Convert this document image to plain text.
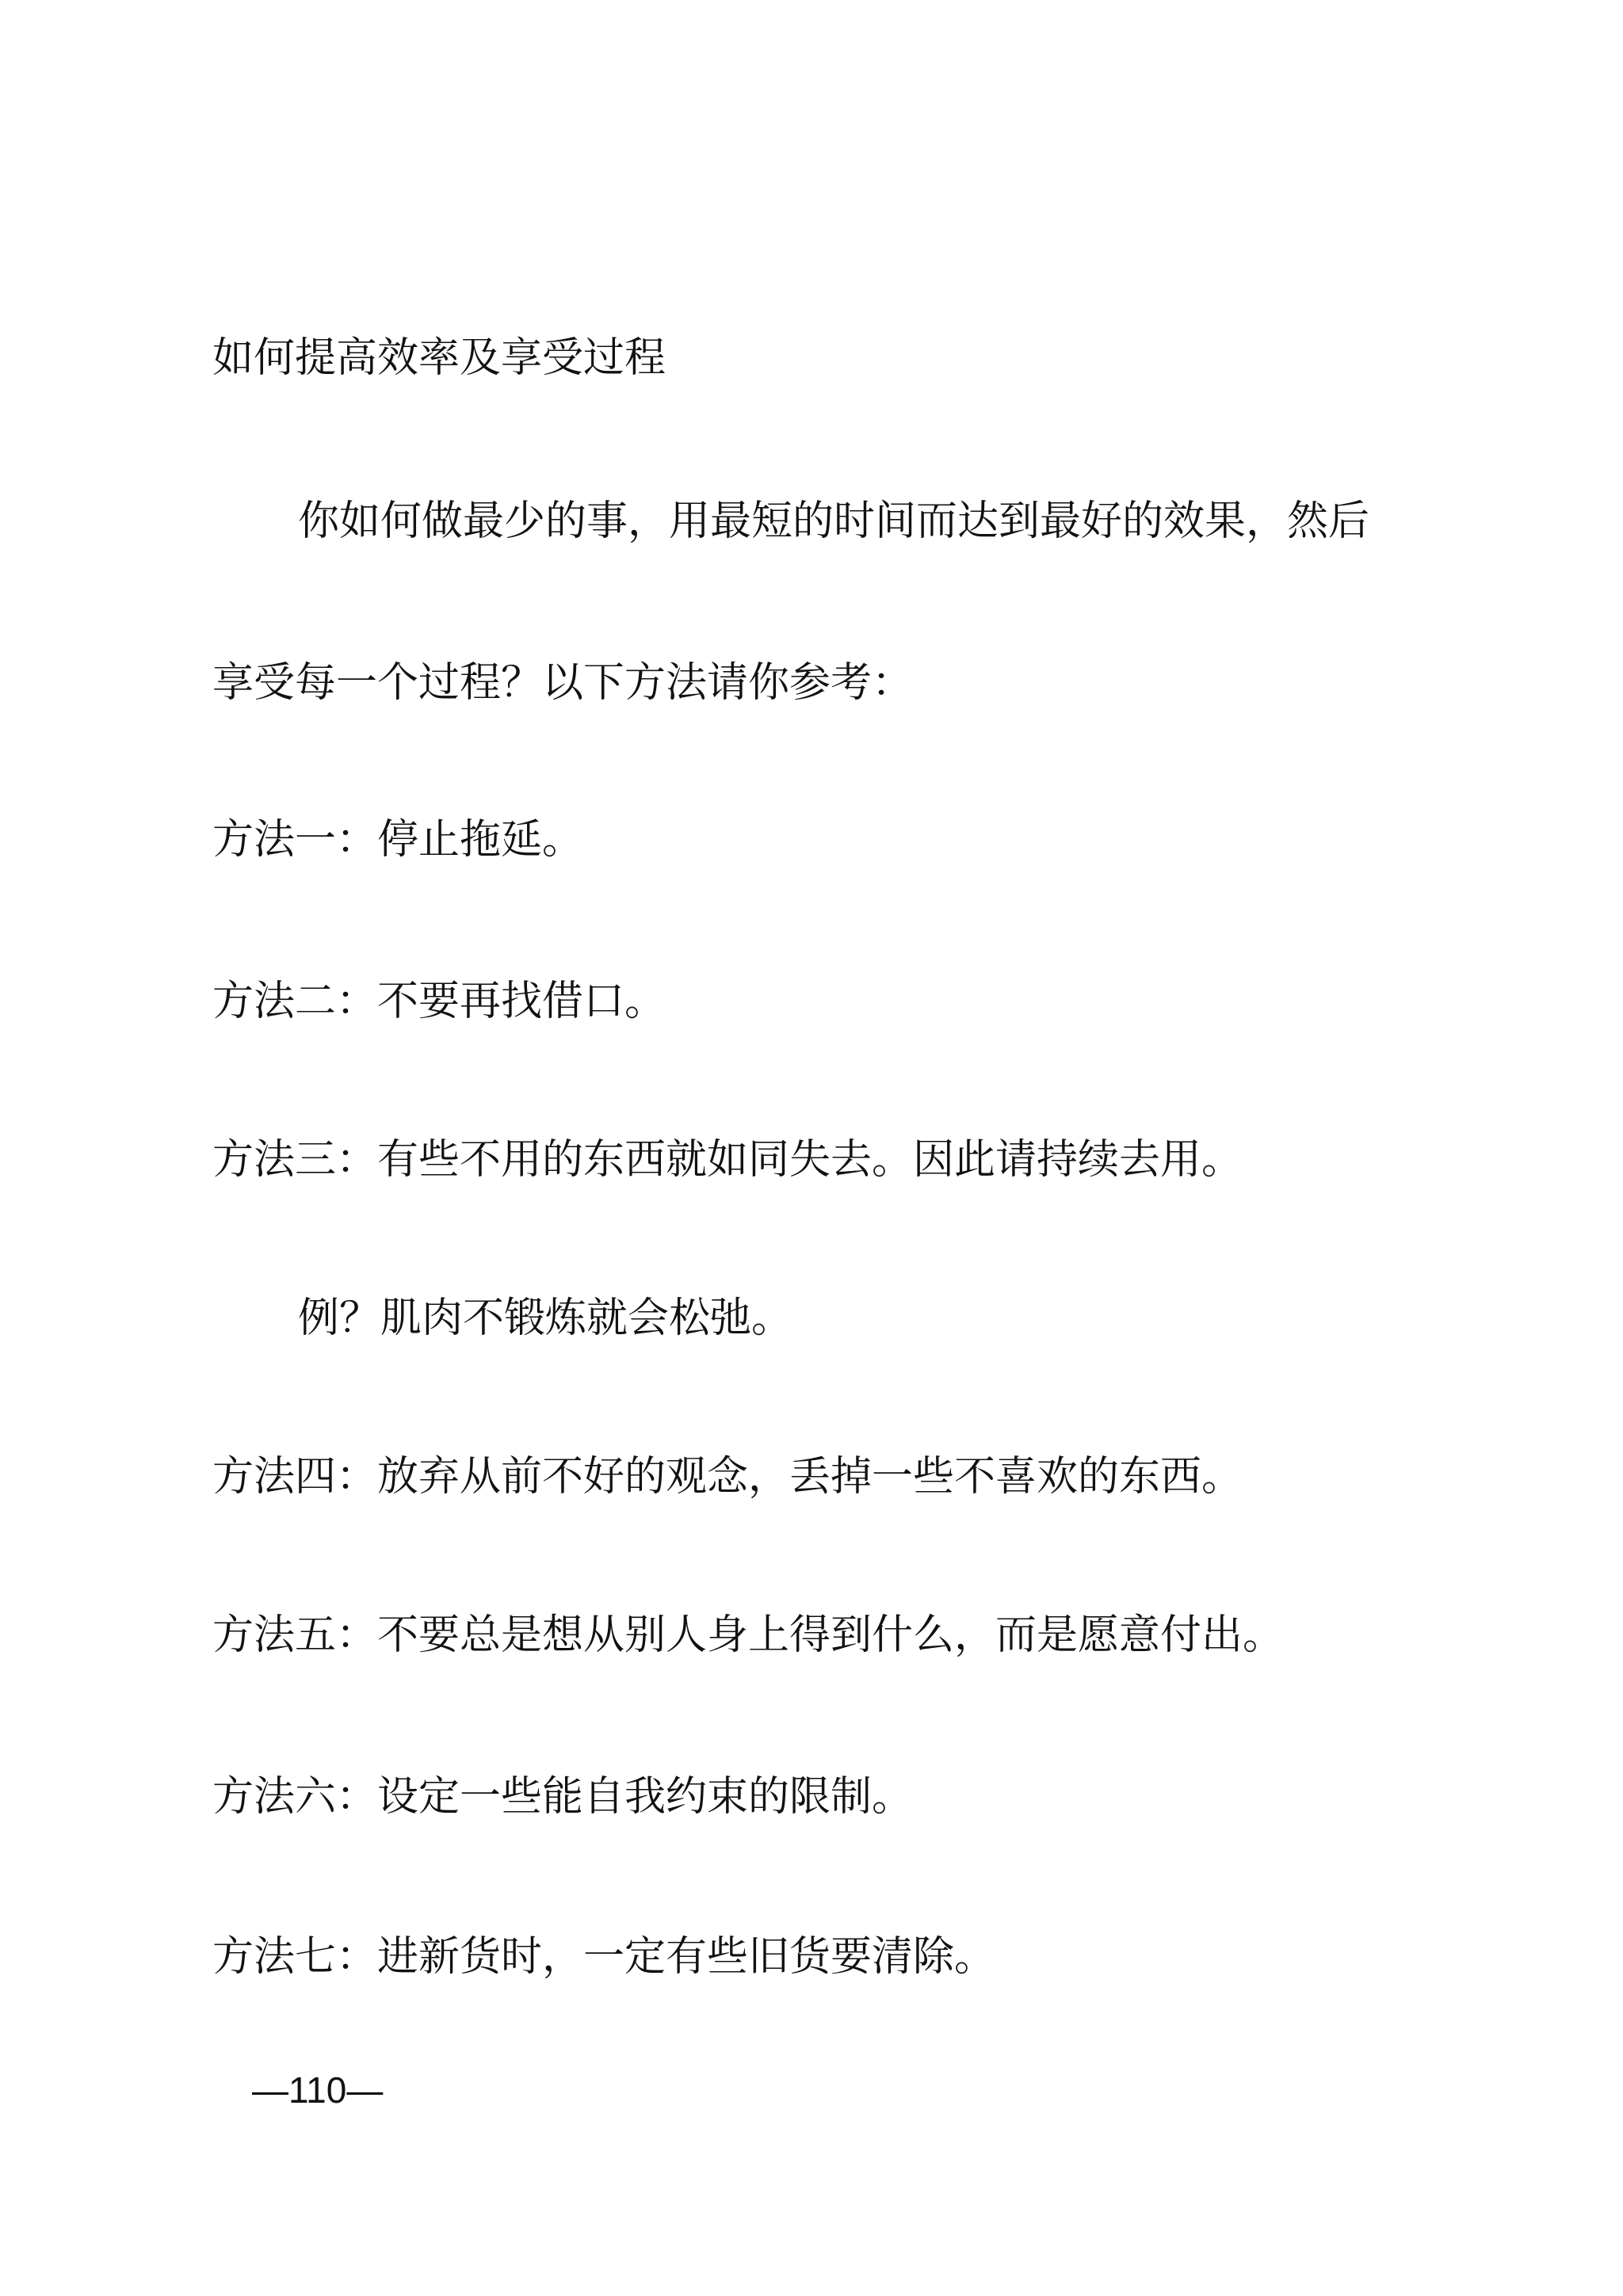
如何提高效率及享受过程
你如何做最少的事，用最短的时间而达到最好的效果，然后
享受每一个过程？以下方法请你参考：
方法一：停止拖延。
方法二：不要再找借口。
方法三：有些不用的东西就如同失去。因此请持续去用。
例？肌肉不锻炼就会松弛。
方法四：放弃从前不好的观念，丢掉一些不喜欢的东西。
方法五：不要总是想从别人身上得到什么，而是愿意付出。
方法六：设定一些能自我约束的限制。
方法七：进新货时，一定有些旧货要清除。
—110—
